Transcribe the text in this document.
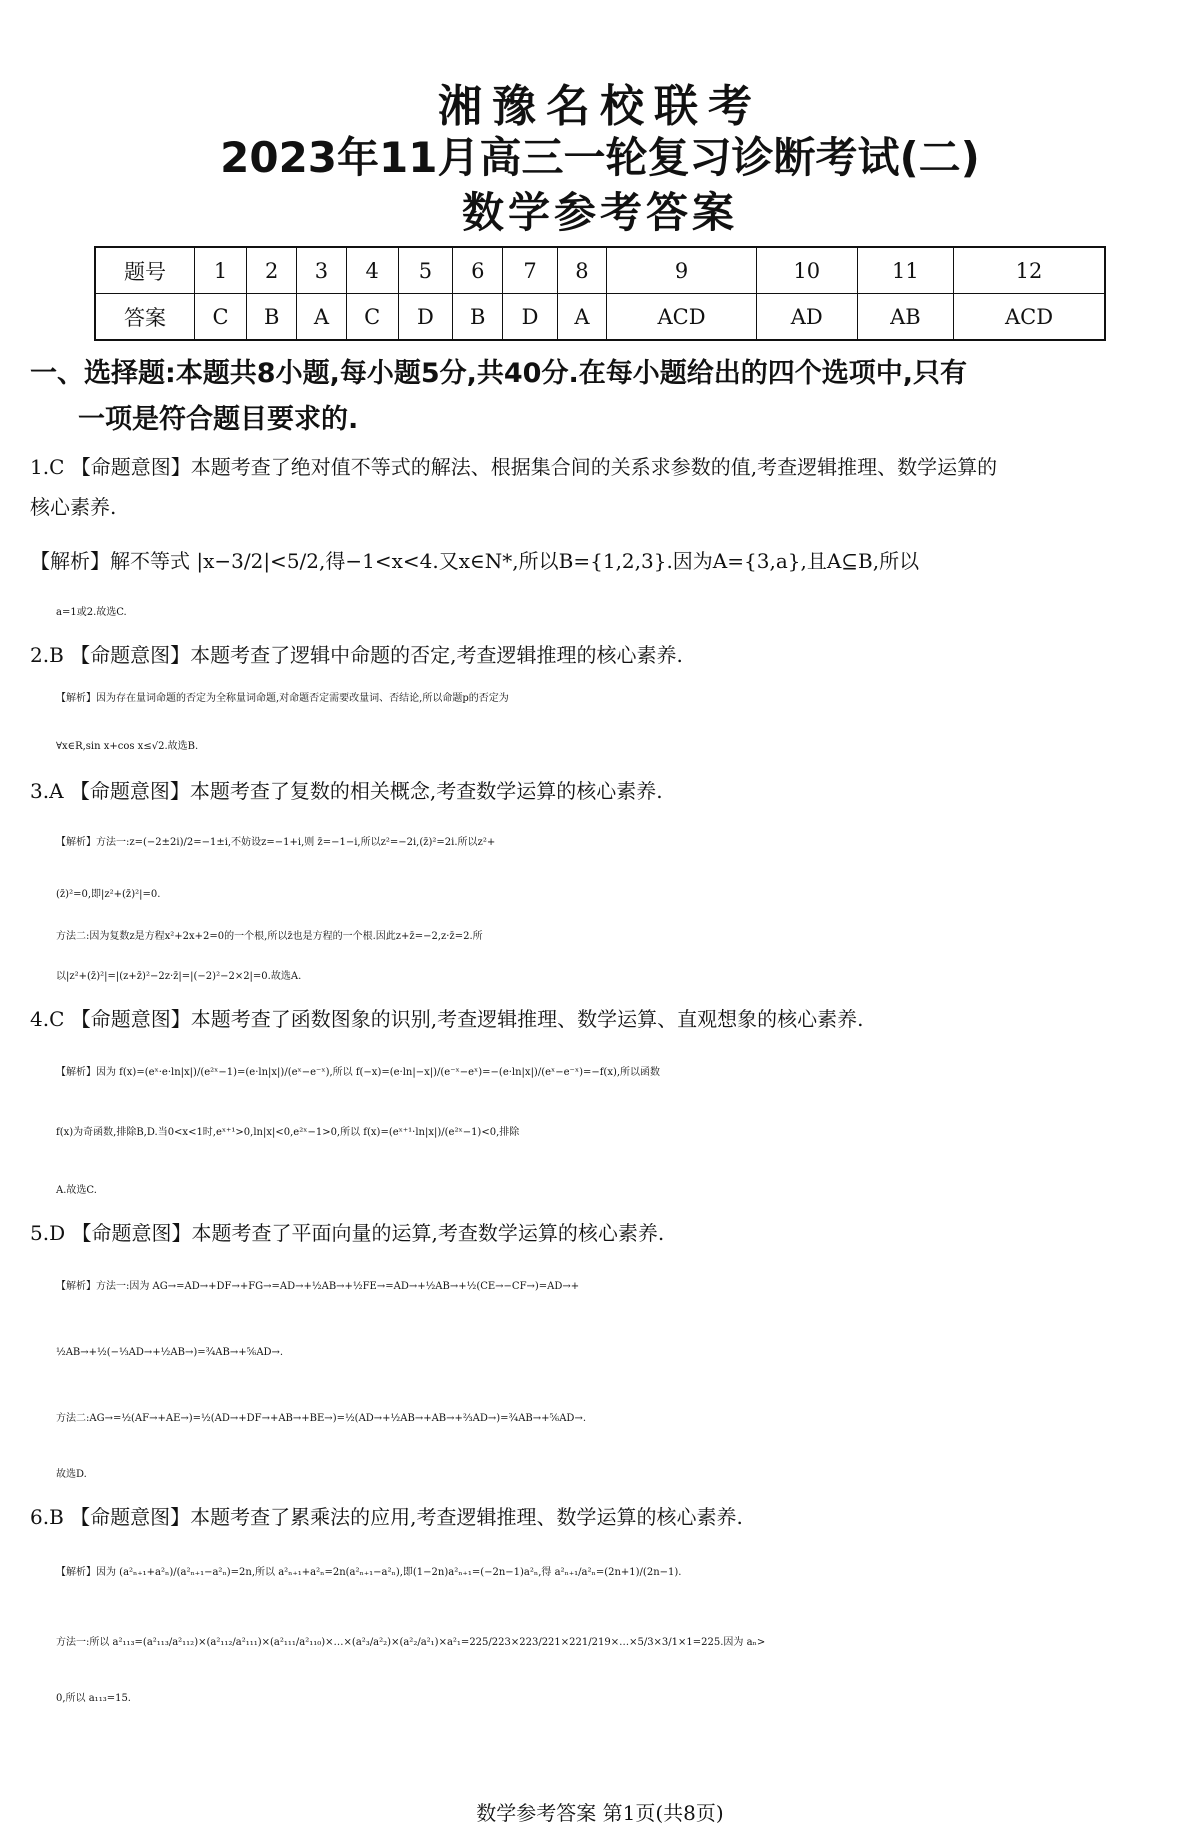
湘豫名校联考
2023年11月高三一轮复习诊断考试(二)
数学参考答案
题号	1	2	3	4	5	6	7	8	9	10	11	12
答案	C	B	A	C	D	B	D	A	ACD	AD	AB	ACD
一、选择题:本题共8小题,每小题5分,共40分.在每小题给出的四个选项中,只有
一项是符合题目要求的.
1.C 【命题意图】本题考查了绝对值不等式的解法、根据集合间的关系求参数的值,考查逻辑推理、数学运算的
核心素养.
【解析】解不等式 |x−3/2|<5/2,得−1<x<4.又x∈N*,所以B={1,2,3}.因为A={3,a},且A⊆B,所以
a=1或2.故选C.
2.B 【命题意图】本题考查了逻辑中命题的否定,考查逻辑推理的核心素养.
【解析】因为存在量词命题的否定为全称量词命题,对命题否定需要改量词、否结论,所以命题p的否定为
∀x∈R,sin x+cos x≤√2.故选B.
3.A 【命题意图】本题考查了复数的相关概念,考查数学运算的核心素养.
【解析】方法一:z=(−2±2i)/2=−1±i,不妨设z=−1+i,则 z̄=−1−i,所以z²=−2i,(z̄)²=2i.所以z²+
(z̄)²=0,即|z²+(z̄)²|=0.
方法二:因为复数z是方程x²+2x+2=0的一个根,所以z̄也是方程的一个根.因此z+z̄=−2,z·z̄=2.所
以|z²+(z̄)²|=|(z+z̄)²−2z·z̄|=|(−2)²−2×2|=0.故选A.
4.C 【命题意图】本题考查了函数图象的识别,考查逻辑推理、数学运算、直观想象的核心素养.
【解析】因为 f(x)=(eˣ·e·ln|x|)/(e²ˣ−1)=(e·ln|x|)/(eˣ−e⁻ˣ),所以 f(−x)=(e·ln|−x|)/(e⁻ˣ−eˣ)=−(e·ln|x|)/(eˣ−e⁻ˣ)=−f(x),所以函数
f(x)为奇函数,排除B,D.当0<x<1时,eˣ⁺¹>0,ln|x|<0,e²ˣ−1>0,所以 f(x)=(eˣ⁺¹·ln|x|)/(e²ˣ−1)<0,排除
A.故选C.
5.D 【命题意图】本题考查了平面向量的运算,考查数学运算的核心素养.
【解析】方法一:因为 AG→=AD→+DF→+FG→=AD→+½AB→+½FE→=AD→+½AB→+½(CE→−CF→)=AD→+
½AB→+½(−⅓AD→+½AB→)=¾AB→+⅚AD→.
方法二:AG→=½(AF→+AE→)=½(AD→+DF→+AB→+BE→)=½(AD→+½AB→+AB→+⅔AD→)=¾AB→+⅚AD→.
故选D.
6.B 【命题意图】本题考查了累乘法的应用,考查逻辑推理、数学运算的核心素养.
【解析】因为 (a²ₙ₊₁+a²ₙ)/(a²ₙ₊₁−a²ₙ)=2n,所以 a²ₙ₊₁+a²ₙ=2n(a²ₙ₊₁−a²ₙ),即(1−2n)a²ₙ₊₁=(−2n−1)a²ₙ,得 a²ₙ₊₁/a²ₙ=(2n+1)/(2n−1).
方法一:所以 a²₁₁₃=(a²₁₁₃/a²₁₁₂)×(a²₁₁₂/a²₁₁₁)×(a²₁₁₁/a²₁₁₀)×…×(a²₃/a²₂)×(a²₂/a²₁)×a²₁=225/223×223/221×221/219×…×5/3×3/1×1=225.因为 aₙ>
0,所以 a₁₁₃=15.
数学参考答案 第1页(共8页)
